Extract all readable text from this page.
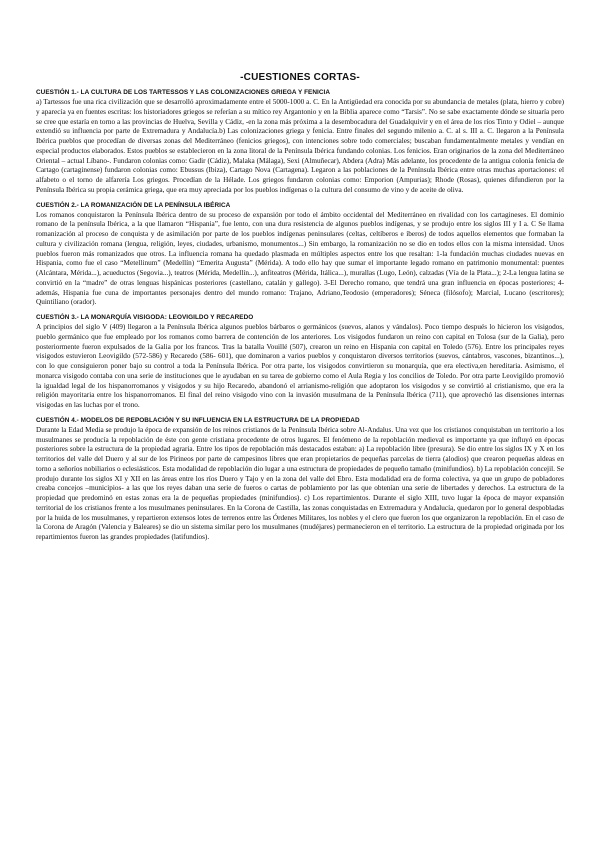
-CUESTIONES CORTAS-
CUESTIÓN 1.- LA CULTURA DE LOS TARTESSOS Y LAS COLONIZACIONES GRIEGA Y FENICIA

a) Tartessos fue una rica civilización que se desarrolló aproximadamente entre el 5000-1000 a. C. En la Antigüedad era conocida por su abundancia de metales (plata, hierro y cobre) y aparecía ya en fuentes escritas: los historiadores griegos se referían a su mítico rey Argantonio y en la Biblia aparece como “Tarsis”. No se sabe exactamente dónde se situaría pero se cree que estaría en torno a las provincias de Huelva, Sevilla y Cádiz, -en la zona más próxima a la desembocadura del Guadalquivir y en el área de los ríos Tinto y Odiel – aunque extendió su influencia por parte de Extremadura y Andalucía.b) Las colonizaciones griega y fenicia. Entre finales del segundo milenio a. C. al s. III a. C. llegaron a la Península Ibérica pueblos que procedían de diversas zonas del Mediterráneo (fenicios griegos), con intenciones sobre todo comerciales; buscaban fundamentalmente metales y vendían en especial productos elaborados. Estos pueblos se establecieron en la zona litoral de la Península Ibérica fundando colonias. Los fenicios. Eran originarios de la zona del Mediterráneo Oriental – actual Líbano-. Fundaron colonias como: Gadir (Cádiz), Malaka (Málaga), Sexi (Almuñecar), Abdera (Adra) Más adelante, los procedente de la antigua colonia fenicia de Cartago (cartaginense) fundaron colonias como: Ebussus (Ibiza), Cartago Nova (Cartagena). Legaron a las poblaciones de la Península Ibérica entre otras muchas aportaciones: el alfabeto o el torno de alfarería Los griegos. Procedían de la Hélade. Los griegos fundaron colonias como: Emporion (Ampurias); Rhode (Rosas), quienes difundieron por la Península Ibérica su propia cerámica griega, que era muy apreciada por los pueblos indígenas o la cultura del consumo de vino y de aceite de oliva.

CUESTIÓN 2.- LA ROMANIZACIÓN DE LA PENÍNSULA IBÉRICA

Los romanos conquistaron la Península Ibérica dentro de su proceso de expansión por todo el ámbito occidental del Mediterráneo en rivalidad con los cartagineses. El dominio romano de la península Ibérica, a la que llamaron “Hispania”, fue lento, con una dura resistencia de algunos pueblos indígenas, y se produjo entre los siglos III y I a. C Se llama romanización al proceso de conquista y de asimilación por parte de los pueblos indígenas peninsulares (celtas, celtíberos e íberos) de todos aquellos elementos que formaban la cultura y civilización romana (lengua, religión, leyes, ciudades, urbanismo, monumentos...) Sin embargo, la romanización no se dio en todos ellos con la misma intensidad. Unos pueblos fueron más romanizados que otros. La influencia romana ha quedado plasmada en múltiples aspectos entre los que resaltan: 1-la fundación muchas ciudades nuevas en Hispania, como fue el caso “Metellinum” (Medellín) “Emerita Augusta” (Mérida). A todo ello hay que sumar el importante legado romano en patrimonio monumental: puentes (Alcántara, Mérida...), acueductos (Segovia...), teatros (Mérida, Medellín...), anfiteatros (Mérida, Itálica...), murallas (Lugo, León), calzadas (Vía de la Plata...); 2-La lengua latina se convirtió en la “madre” de otras lenguas hispánicas posteriores (castellano, catalán y gallego). 3-El Derecho romano, que tendrá una gran influencia en épocas posteriores; 4- además, Hispania fue cuna de importantes personajes dentro del mundo romano: Trajano, Adriano,Teodosio (emperadores); Séneca (filósofo); Marcial, Lucano (escritores); Quintiliano (orador).

CUESTIÓN 3.- LA MONARQUÍA VISIGODA: LEOVIGILDO Y RECAREDO

A principios del siglo V (409) llegaron a la Península Ibérica algunos pueblos bárbaros o germánicos (suevos, alanos y vándalos). Poco tiempo después lo hicieron los visigodos, pueblo germánico que fue empleado por los romanos como barrera de contención de los anteriores. Los visigodos fundaron un reino con capital en Tolosa (sur de la Galia), pero posteriormente fueron expulsados de la Galia por los francos. Tras la batalla Vouillé (507), crearon un reino en Hispania con capital en Toledo (576). Entre los principales reyes visigodos estuvieron Leovigildo (572-586) y Recaredo (586- 601), que dominaron a varios pueblos y conquistaron diversos territorios (suevos, cántabros, vascones, bizantinos...), con lo que consiguieron poner bajo su control a toda la Península Ibérica. Por otra parte, los visigodos convirtieron su monarquía, que era electiva,en hereditaria. Asimismo, el monarca visigodo contaba con una serie de instituciones que le ayudaban en su tarea de gobierno como el Aula Regia y los concilios de Toledo. Por otra parte Leovigildo promovió la igualdad legal de los hispanorromanos y visigodos y su hijo Recaredo, abandonó el arrianismo-religión que adoptaron los visigodos y se convirtió al cristianismo, que era la religión mayoritaria entre los hispanorromanos. El final del reino visigodo vino con la invasión musulmana de la Península Ibérica (711), que aprovechó las disensiones internas visigodas en las luchas por el trono.

CUESTIÓN 4.- MODELOS DE REPOBLACIÓN Y SU INFLUENCIA EN LA ESTRUCTURA DE LA PROPIEDAD

Durante la Edad Media se produjo la época de expansión de los reinos cristianos de la Península Ibérica sobre Al-Andalus. Una vez que los cristianos conquistaban un territorio a los musulmanes se producía la repoblación de éste con gente cristiana procedente de otros lugares. El fenómeno de la repoblación medieval es importante ya que influyó en épocas posteriores sobre la estructura de la propiedad agraria. Entre los tipos de repoblación más destacados estaban: a) La repoblación libre (presura). Se dio entre los siglos IX y X en los territorios del valle del Duero y al sur de los Pirineos por parte de campesinos libres que eran propietarios de pequeñas parcelas de tierra (alodios) que crearon pequeñas aldeas en torno a señoríos nobiliarios o eclesiásticos. Esta modalidad de repoblación dio lugar a una estructura de propiedades de pequeño tamaño (minifundios). b) La repoblación concejil. Se produjo durante los siglos XI y XII en las áreas entre los ríos Duero y Tajo y en la zona del valle del Ebro. Esta modalidad era de forma colectiva, ya que un grupo de pobladores creaba concejos –municipios- a las que los reyes daban una serie de fueros o cartas de poblamiento por las que obtenían una serie de libertades y derechos. La estructura de la propiedad que predominó en estas zonas era la de pequeñas propiedades (minifundios). c) Los repartimientos. Durante el siglo XIII, tuvo lugar la época de mayor expansión territorial de los cristianos frente a los musulmanes peninsulares. En la Corona de Castilla, las zonas conquistadas en Extremadura y Andalucía, quedaron por lo general despobladas por la huida de los musulmanes, y repartieron extensos lotes de terrenos entre las Órdenes Militares, los nobles y el clero que fueron los que organizaron la repoblación. En el caso de la Corona de Aragón (Valencia y Baleares) se dio un sistema similar pero los musulmanes (mudéjares) permanecieron en el territorio. La estructura de la propiedad originada por los repartimientos fueron las grandes propiedades (latifundios).
